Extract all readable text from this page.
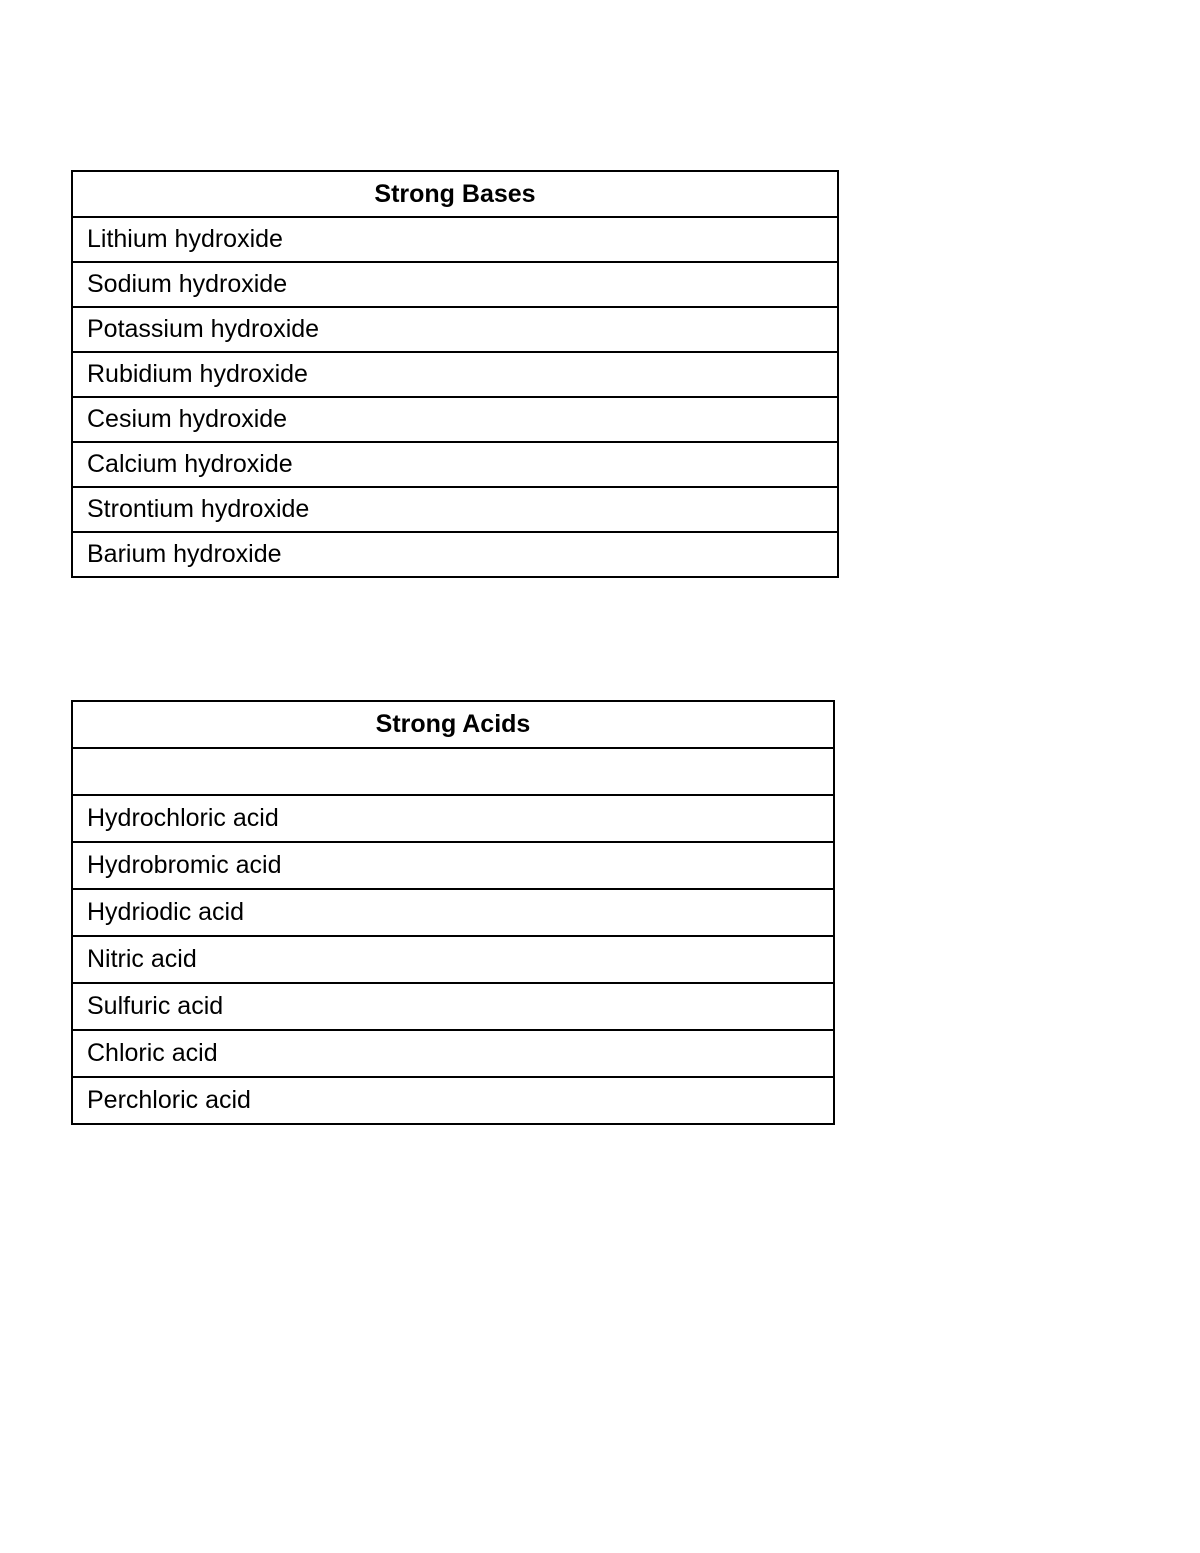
Strong Bases
Lithium hydroxide
Sodium hydroxide
Potassium hydroxide
Rubidium hydroxide
Cesium hydroxide
Calcium hydroxide
Strontium hydroxide
Barium hydroxide
Strong Acids

Hydrochloric acid
Hydrobromic acid
Hydriodic acid
Nitric acid
Sulfuric acid
Chloric acid
Perchloric acid
